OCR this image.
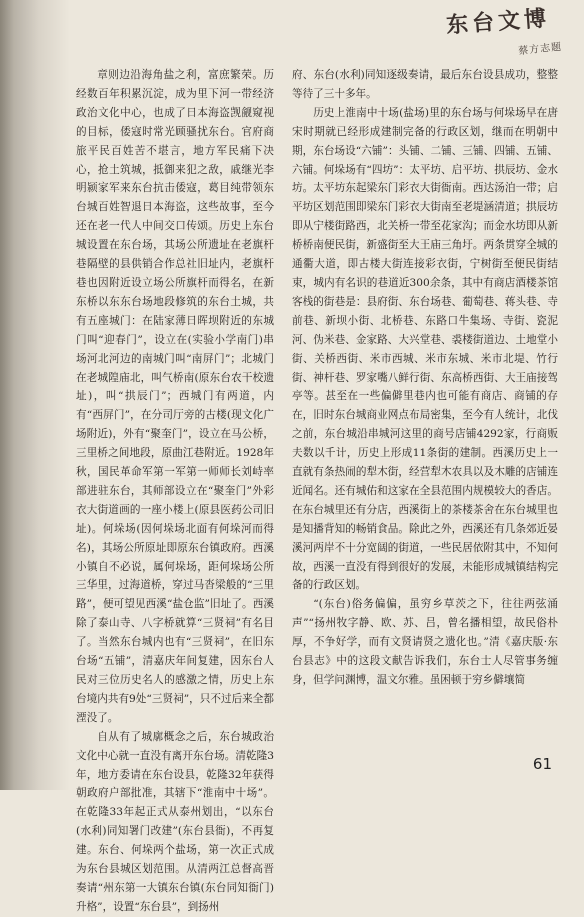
东台文博
蔡方志题

章则边沿海角盐之利，富庶繁荣。历经数百年积累沉淀，成为里下河一带经济政治文化中心，也成了日本海盗觊觎窥视的目标，倭寇时常光顾骚扰东台。官府商旅平民百姓苦不堪言，地方军民痛下决心，抢土筑城，抵御来犯之敌，戚继光李明颍家军来东台抗击倭寇，葛目纯带领东台城百姓智退日本海盗，这些故事，至今还在老一代人中间交口传颂。历史上东台城设置在东台场，其场公所遗址在老旗杆巷隔壁的县供销合作总社旧址内，老旗杆巷也因附近设立场公所旗杆而得名，在新东桥以东东台场地段修筑的东台土城，共有五座城门：在陆家薄日晖坝附近的东城门叫“迎春门”，设立在(实验小学南门)串场河北河边的南城门叫“南屏门”；北城门在老城隍庙北，叫气桥南(原东台农干校遗址)，叫“拱辰门”；西城门有两道，内有“西屏门”，在分司厅旁的古楼(现文化广场附近)，外有“聚奎门”，设立在马公桥，三里桥之间地段，原曲江巷附近。1928年秋，国民革命军第一军第一师师长刘峙率部进驻东台，其师部设立在“聚奎门”外彩衣大街道画的一座小楼上(原县医药公司旧址)。何垛场(因何垛场北面有何垛河而得名)，其场公所原址即原东台镇政府。西溪小镇自不必说，属何垛场，距何垛场公所三华里，过海道桥，穿过马沓梁般的“三里路”，便可望见西溪“盐仓监”旧址了。西溪除了泰山寺、八字桥就算“三贤祠”有名目了。当然东台城内也有“三贤祠”，在旧东台场“五铺”，清嘉庆年间复建，因东台人民对三位历史名人的感激之情，历史上东台境内共有9处“三贤祠”，只不过后来全都湮没了。

自从有了城廓概念之后，东台城政治文化中心就一直没有离开东台场。清乾隆3年，地方委请在东台设县，乾隆32年获得朝政府户部批准，其辖下“淮南中十场”。在乾隆33年起正式从泰州划出，“以东台(水利)同知署门改建”(东台县衙)，不再复建。东台、何垛两个盐场，第一次正式成为东台县城区划范围。从清两江总督高晋奏请“州东第一大镇东台镇(东台同知衙门)升格”，设置“东台县”，到扬州

府、东台(水利)同知逐级奏请，最后东台设县成功，整整等待了三十多年。

历史上淮南中十场(盐场)里的东台场与何垛场早在唐宋时期就已经形成建制完备的行政区划，继而在明朝中期，东台场设“六铺”：头铺、二铺、三铺、四铺、五铺、六铺。何垛场有“四坊”：太平坊、启平坊、拱辰坊、金水坊。太平坊东起梁东门彩衣大街衙南。西达汤泊一带；启平坊区划范围即梁东门彩衣大街南至老堤涵清道；拱辰坊即从宁楼街路西，北关桥一带至花家沟；而金水坊即从新桥桥南便民街，新盛街至大王庙三角圩。两条贯穿全城的通衢大道，即古楼大街连接彩衣街，宁树街至便民街结束，城内有名识的巷道近300余条，其中有商店酒楼茶馆客栈的街巷是：县府街、东台场巷、葡萄巷、蒋头巷、寺前巷、新坝小街、北桥巷、东路口牛集场、寺街、瓷泥河、伪米巷、金家路、大兴堂巷、裘楼街道边、土地堂小街、关桥西街、米市西城、米市东城、米市北堤、竹行街、神杆巷、罗家嘴八鲜行街、东高桥西街、大王庙接驾亭等。甚至在一些偏僻里巷内也可能有商店、商铺的存在，旧时东台城商业网点布局密集，至今有人统计，北伐之前，东台城沿串城河这里的商号店铺4292家，行商贩夫数以千计，历史上形成11条街的建制。西溪历史上一直就有条热闹的犁木街，经营犁木农具以及木雕的店铺连近闻名。还有城佑和这家在全县范围内规模较大的香店。在东台城里还有分店，西溪街上的茶楼茶舍在东台城里也是知播背知的畅销食品。除此之外，西溪还有几条郊近晏溪河两岸不十分宽阔的街道，一些民居依附其中，不知何故，西溪一直没有得到很好的发展，未能形成城镇结构完备的行政区划。

“(东台)俗务偏偏，虽穷乡草茨之下，往往两弦涌声”“扬州牧字静、欧、苏、吕，曾名播相望，故民俗朴厚，不争好学，而有文贤请贤之遗化也。”清《嘉庆版·东台县志》中的这段文献告诉我们，东台士人尽管事务缠身，但学问渊博，温文尔雅。虽困顿于穷乡僻壤简

61
